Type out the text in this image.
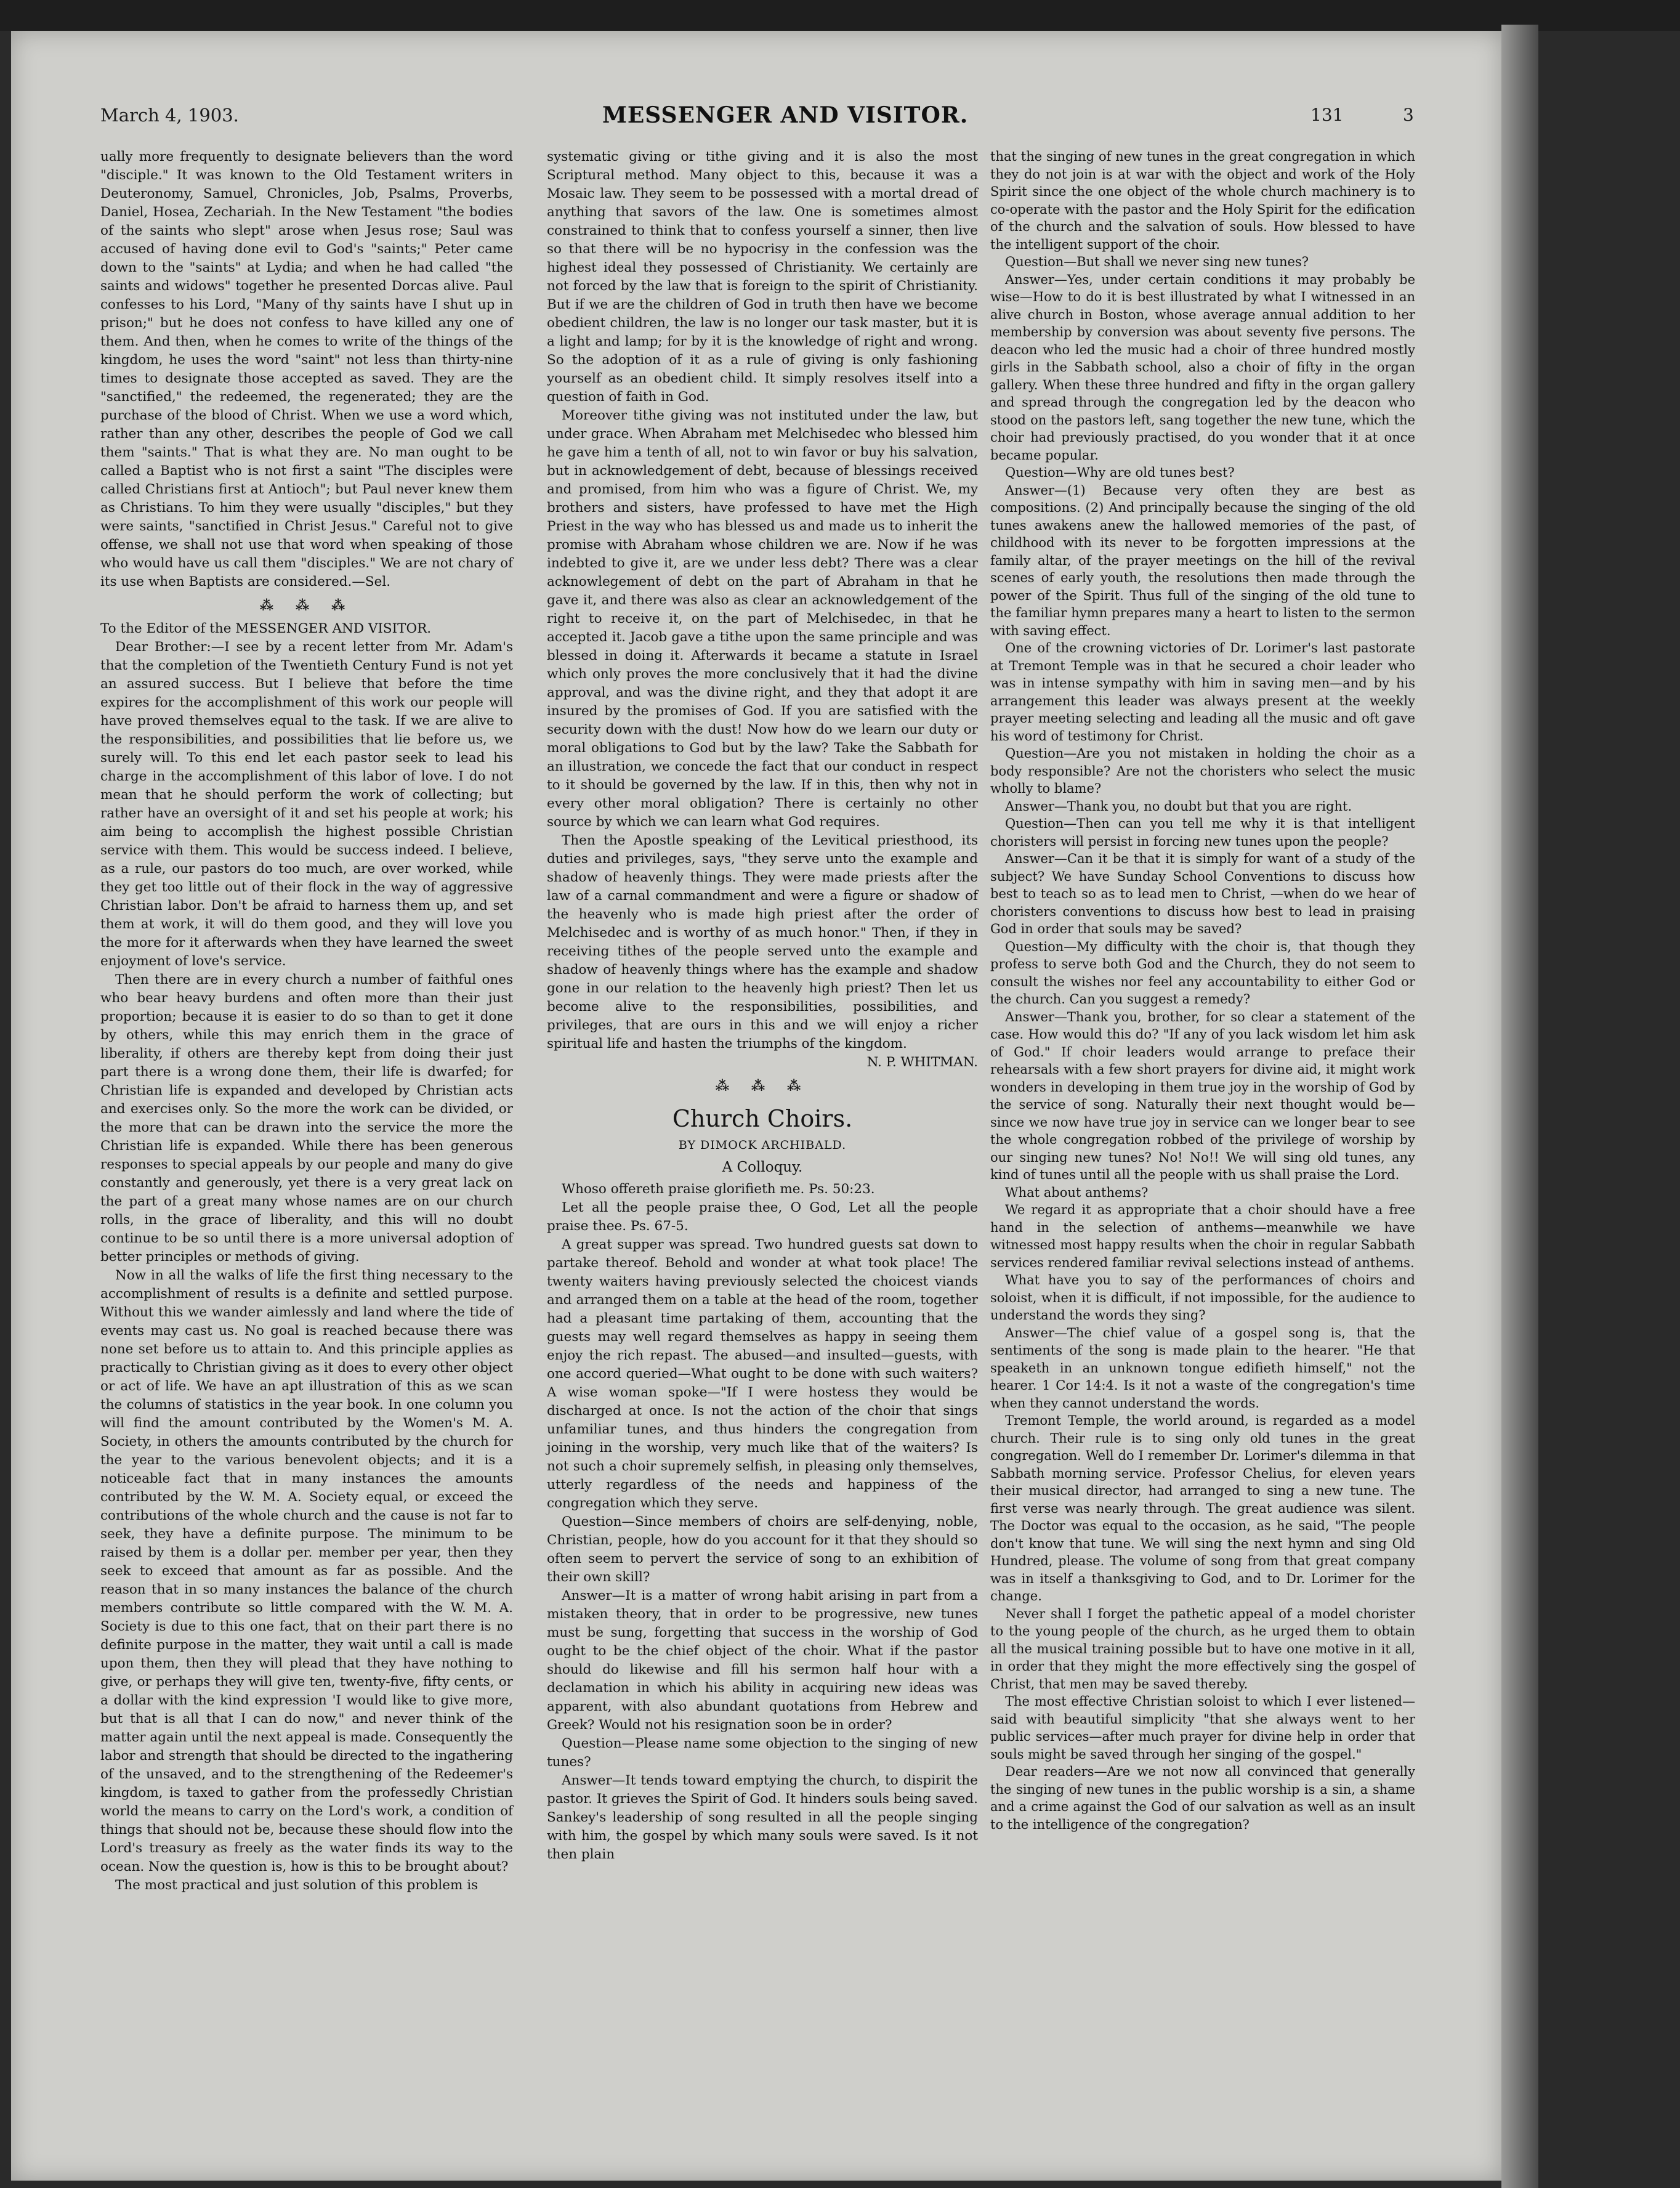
March 4, 1903.	MESSENGER AND VISITOR.	131	3

ually more frequently to designate believers than the word "disciple." It was known to the Old Testament writers in Deuteronomy, Samuel, Chronicles, Job, Psalms, Proverbs, Daniel, Hosea, Zechariah. In the New Testament "the bodies of the saints who slept" arose when Jesus rose; Saul was accused of having done evil to God's "saints;" Peter came down to the "saints" at Lydia; and when he had called "the saints and widows" together he presented Dorcas alive. Paul confesses to his Lord, "Many of thy saints have I shut up in prison;" but he does not confess to have killed any one of them. And then, when he comes to write of the things of the kingdom, he uses the word "saint" not less than thirty-nine times to designate those accepted as saved. They are the "sanctified," the redeemed, the regenerated; they are the purchase of the blood of Christ. When we use a word which, rather than any other, describes the people of God we call them "saints." That is what they are. No man ought to be called a Baptist who is not first a saint "The disciples were called Christians first at Antioch"; but Paul never knew them as Christians. To him they were usually "disciples," but they were saints, "sanctified in Christ Jesus." Careful not to give offense, we shall not use that word when speaking of those who would have us call them "disciples." We are not chary of its use when Baptists are considered.—Sel.

⁂ ⁂ ⁂

To the Editor of the MESSENGER AND VISITOR.

Dear Brother:—I see by a recent letter from Mr. Adam's that the completion of the Twentieth Century Fund is not yet an assured success. But I believe that before the time expires for the accomplishment of this work our people will have proved themselves equal to the task. If we are alive to the responsibilities, and possibilities that lie before us, we surely will. To this end let each pastor seek to lead his charge in the accomplishment of this labor of love. I do not mean that he should perform the work of collecting; but rather have an oversight of it and set his people at work; his aim being to accomplish the highest possible Christian service with them. This would be success indeed. I believe, as a rule, our pastors do too much, are over worked, while they get too little out of their flock in the way of aggressive Christian labor. Don't be afraid to harness them up, and set them at work, it will do them good, and they will love you the more for it afterwards when they have learned the sweet enjoyment of love's service.

Then there are in every church a number of faithful ones who bear heavy burdens and often more than their just proportion; because it is easier to do so than to get it done by others, while this may enrich them in the grace of liberality, if others are thereby kept from doing their just part there is a wrong done them, their life is dwarfed; for Christian life is expanded and developed by Christian acts and exercises only. So the more the work can be divided, or the more that can be drawn into the service the more the Christian life is expanded. While there has been generous responses to special appeals by our people and many do give constantly and generously, yet there is a very great lack on the part of a great many whose names are on our church rolls, in the grace of liberality, and this will no doubt continue to be so until there is a more universal adoption of better principles or methods of giving.

Now in all the walks of life the first thing necessary to the accomplishment of results is a definite and settled purpose. Without this we wander aimlessly and land where the tide of events may cast us. No goal is reached because there was none set before us to attain to. And this principle applies as practically to Christian giving as it does to every other object or act of life. We have an apt illustration of this as we scan the columns of statistics in the year book. In one column you will find the amount contributed by the Women's M. A. Society, in others the amounts contributed by the church for the year to the various benevolent objects; and it is a noticeable fact that in many instances the amounts contributed by the W. M. A. Society equal, or exceed the contributions of the whole church and the cause is not far to seek, they have a definite purpose. The minimum to be raised by them is a dollar per. member per year, then they seek to exceed that amount as far as possible. And the reason that in so many instances the balance of the church members contribute so little compared with the W. M. A. Society is due to this one fact, that on their part there is no definite purpose in the matter, they wait until a call is made upon them, then they will plead that they have nothing to give, or perhaps they will give ten, twenty-five, fifty cents, or a dollar with the kind expression 'I would like to give more, but that is all that I can do now," and never think of the matter again until the next appeal is made. Consequently the labor and strength that should be directed to the ingathering of the unsaved, and to the strengthening of the Redeemer's kingdom, is taxed to gather from the professedly Christian world the means to carry on the Lord's work, a condition of things that should not be, because these should flow into the Lord's treasury as freely as the water finds its way to the ocean. Now the question is, how is this to be brought about?

The most practical and just solution of this problem is

systematic giving or tithe giving and it is also the most Scriptural method. Many object to this, because it was a Mosaic law. They seem to be possessed with a mortal dread of anything that savors of the law. One is sometimes almost constrained to think that to confess yourself a sinner, then live so that there will be no hypocrisy in the confession was the highest ideal they possessed of Christianity. We certainly are not forced by the law that is foreign to the spirit of Christianity. But if we are the children of God in truth then have we become obedient children, the law is no longer our task master, but it is a light and lamp; for by it is the knowledge of right and wrong. So the adoption of it as a rule of giving is only fashioning yourself as an obedient child. It simply resolves itself into a question of faith in God.

Moreover tithe giving was not instituted under the law, but under grace. When Abraham met Melchisedec who blessed him he gave him a tenth of all, not to win favor or buy his salvation, but in acknowledgement of debt, because of blessings received and promised, from him who was a figure of Christ. We, my brothers and sisters, have professed to have met the High Priest in the way who has blessed us and made us to inherit the promise with Abraham whose children we are. Now if he was indebted to give it, are we under less debt? There was a clear acknowlegement of debt on the part of Abraham in that he gave it, and there was also as clear an acknowledgement of the right to receive it, on the part of Melchisedec, in that he accepted it. Jacob gave a tithe upon the same principle and was blessed in doing it. Afterwards it became a statute in Israel which only proves the more conclusively that it had the divine approval, and was the divine right, and they that adopt it are insured by the promises of God. If you are satisfied with the security down with the dust! Now how do we learn our duty or moral obligations to God but by the law? Take the Sabbath for an illustration, we concede the fact that our conduct in respect to it should be governed by the law. If in this, then why not in every other moral obligation? There is certainly no other source by which we can learn what God requires.

Then the Apostle speaking of the Levitical priesthood, its duties and privileges, says, "they serve unto the example and shadow of heavenly things. They were made priests after the law of a carnal commandment and were a figure or shadow of the heavenly who is made high priest after the order of Melchisedec and is worthy of as much honor." Then, if they in receiving tithes of the people served unto the example and shadow of heavenly things where has the example and shadow gone in our relation to the heavenly high priest? Then let us become alive to the responsibilities, possibilities, and privileges, that are ours in this and we will enjoy a richer spiritual life and hasten the triumphs of the kingdom.

N. P. WHITMAN.

⁂ ⁂ ⁂
Church Choirs.
BY DIMOCK ARCHIBALD.
A Colloquy.

Whoso offereth praise glorifieth me. Ps. 50:23.

Let all the people praise thee, O God, Let all the people praise thee. Ps. 67-5.

A great supper was spread. Two hundred guests sat down to partake thereof. Behold and wonder at what took place! The twenty waiters having previously selected the choicest viands and arranged them on a table at the head of the room, together had a pleasant time partaking of them, accounting that the guests may well regard themselves as happy in seeing them enjoy the rich repast. The abused—and insulted—guests, with one accord queried—What ought to be done with such waiters? A wise woman spoke—"If I were hostess they would be discharged at once. Is not the action of the choir that sings unfamiliar tunes, and thus hinders the congregation from joining in the worship, very much like that of the waiters? Is not such a choir supremely selfish, in pleasing only themselves, utterly regardless of the needs and happiness of the congregation which they serve.

Question—Since members of choirs are self-denying, noble, Christian, people, how do you account for it that they should so often seem to pervert the service of song to an exhibition of their own skill?

Answer—It is a matter of wrong habit arising in part from a mistaken theory, that in order to be progressive, new tunes must be sung, forgetting that success in the worship of God ought to be the chief object of the choir. What if the pastor should do likewise and fill his sermon half hour with a declamation in which his ability in acquiring new ideas was apparent, with also abundant quotations from Hebrew and Greek? Would not his resignation soon be in order?

Question—Please name some objection to the singing of new tunes?

Answer—It tends toward emptying the church, to dispirit the pastor. It grieves the Spirit of God. It hinders souls being saved. Sankey's leadership of song resulted in all the people singing with him, the gospel by which many souls were saved. Is it not then plain

that the singing of new tunes in the great congregation in which they do not join is at war with the object and work of the Holy Spirit since the one object of the whole church machinery is to co-operate with the pastor and the Holy Spirit for the edification of the church and the salvation of souls. How blessed to have the intelligent support of the choir.

Question—But shall we never sing new tunes?

Answer—Yes, under certain conditions it may probably be wise—How to do it is best illustrated by what I witnessed in an alive church in Boston, whose average annual addition to her membership by conversion was about seventy five persons. The deacon who led the music had a choir of three hundred mostly girls in the Sabbath school, also a choir of fifty in the organ gallery. When these three hundred and fifty in the organ gallery and spread through the congregation led by the deacon who stood on the pastors left, sang together the new tune, which the choir had previously practised, do you wonder that it at once became popular.

Question—Why are old tunes best?

Answer—(1) Because very often they are best as compositions. (2) And principally because the singing of the old tunes awakens anew the hallowed memories of the past, of childhood with its never to be forgotten impressions at the family altar, of the prayer meetings on the hill of the revival scenes of early youth, the resolutions then made through the power of the Spirit. Thus full of the singing of the old tune to the familiar hymn prepares many a heart to listen to the sermon with saving effect.

One of the crowning victories of Dr. Lorimer's last pastorate at Tremont Temple was in that he secured a choir leader who was in intense sympathy with him in saving men—and by his arrangement this leader was always present at the weekly prayer meeting selecting and leading all the music and oft gave his word of testimony for Christ.

Question—Are you not mistaken in holding the choir as a body responsible? Are not the choristers who select the music wholly to blame?

Answer—Thank you, no doubt but that you are right.

Question—Then can you tell me why it is that intelligent choristers will persist in forcing new tunes upon the people?

Answer—Can it be that it is simply for want of a study of the subject? We have Sunday School Conventions to discuss how best to teach so as to lead men to Christ, —when do we hear of choristers conventions to discuss how best to lead in praising God in order that souls may be saved?

Question—My difficulty with the choir is, that though they profess to serve both God and the Church, they do not seem to consult the wishes nor feel any accountability to either God or the church. Can you suggest a remedy?

Answer—Thank you, brother, for so clear a statement of the case. How would this do? "If any of you lack wisdom let him ask of God." If choir leaders would arrange to preface their rehearsals with a few short prayers for divine aid, it might work wonders in developing in them true joy in the worship of God by the service of song. Naturally their next thought would be—since we now have true joy in service can we longer bear to see the whole congregation robbed of the privilege of worship by our singing new tunes? No! No!! We will sing old tunes, any kind of tunes until all the people with us shall praise the Lord.

What about anthems?

We regard it as appropriate that a choir should have a free hand in the selection of anthems—meanwhile we have witnessed most happy results when the choir in regular Sabbath services rendered familiar revival selections instead of anthems.

What have you to say of the performances of choirs and soloist, when it is difficult, if not impossible, for the audience to understand the words they sing?

Answer—The chief value of a gospel song is, that the sentiments of the song is made plain to the hearer. "He that speaketh in an unknown tongue edifieth himself," not the hearer. 1 Cor 14:4. Is it not a waste of the congregation's time when they cannot understand the words.

Tremont Temple, the world around, is regarded as a model church. Their rule is to sing only old tunes in the great congregation. Well do I remember Dr. Lorimer's dilemma in that Sabbath morning service. Professor Chelius, for eleven years their musical director, had arranged to sing a new tune. The first verse was nearly through. The great audience was silent. The Doctor was equal to the occasion, as he said, "The people don't know that tune. We will sing the next hymn and sing Old Hundred, please. The volume of song from that great company was in itself a thanksgiving to God, and to Dr. Lorimer for the change.

Never shall I forget the pathetic appeal of a model chorister to the young people of the church, as he urged them to obtain all the musical training possible but to have one motive in it all, in order that they might the more effectively sing the gospel of Christ, that men may be saved thereby.

The most effective Christian soloist to which I ever listened—said with beautiful simplicity "that she always went to her public services—after much prayer for divine help in order that souls might be saved through her singing of the gospel."

Dear readers—Are we not now all convinced that generally the singing of new tunes in the public worship is a sin, a shame and a crime against the God of our salvation as well as an insult to the intelligence of the congregation?
